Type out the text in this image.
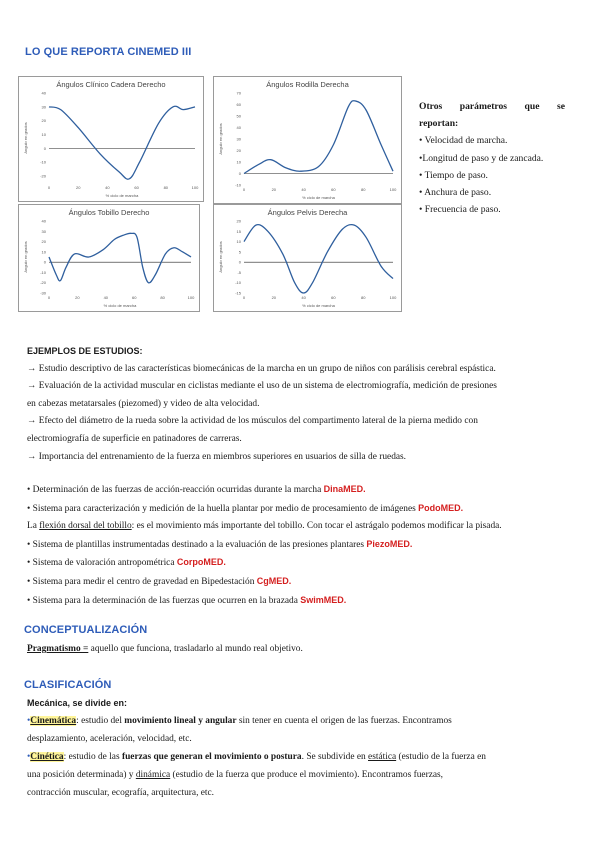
LO QUE REPORTA CINEMED III
Ángulos Clínico Cadera Derecho
40
30
20
10
0
-10
-20
0	20	40	60	80	100
% ciclo de marcha
Angulo en grados
Ángulos Rodilla Derecha
70
60
50
40
30
20
10
0
-10
0	20	40	60	80	100
% ciclo de marcha
Angulo en grados
Ángulos Tobillo Derecho
40
30
20
10
0
-10
-20
-30
0	20	40	60	80	100
% ciclo de marcha
Angulo en grados
Ángulos Pelvis Derecha
20
15
10
5
0
-5
-10
-15
0	20	40	60	80	100
% ciclo de marcha
Angulo en grados
Otros parámetros que se
reportan:
• Velocidad de marcha.
•Longitud de paso y de zancada.
• Tiempo de paso.
• Anchura de paso.
• Frecuencia de paso.

EJEMPLOS DE ESTUDIOS:

→ Estudio descriptivo de las características biomecánicas de la marcha en un grupo de niños con parálisis cerebral espástica.

→ Evaluación de la actividad muscular en ciclistas mediante el uso de un sistema de electromiografía, medición de presiones

en cabezas metatarsales (piezomed) y video de alta velocidad.

→ Efecto del diámetro de la rueda sobre la actividad de los músculos del compartimento lateral de la pierna medido con

electromiografía de superficie en patinadores de carreras.

→ Importancia del entrenamiento de la fuerza en miembros superiores en usuarios de silla de ruedas.

• Determinación de las fuerzas de acción-reacción ocurridas durante la marcha DinaMED.

• Sistema para caracterización y medición de la huella plantar por medio de procesamiento de imágenes PodoMED.

La flexión dorsal del tobillo: es el movimiento más importante del tobillo. Con tocar el astrágalo podemos modificar la pisada.

• Sistema de plantillas instrumentadas destinado a la evaluación de las presiones plantares PiezoMED.

• Sistema de valoración antropométrica CorpoMED.

• Sistema para medir el centro de gravedad en Bipedestación CgMED.

• Sistema para la determinación de las fuerzas que ocurren en la brazada SwimMED.

CONCEPTUALIZACIÓN

Pragmatismo = aquello que funciona, trasladarlo al mundo real objetivo.

CLASIFICACIÓN

Mecánica, se divide en:

•Cinemática: estudio del movimiento lineal y angular sin tener en cuenta el origen de las fuerzas. Encontramos

desplazamiento, aceleración, velocidad, etc.

•Cinética: estudio de las fuerzas que generan el movimiento o postura. Se subdivide en estática (estudio de la fuerza en

una posición determinada) y dinámica (estudio de la fuerza que produce el movimiento). Encontramos fuerzas,

contracción muscular, ecografía, arquitectura, etc.
